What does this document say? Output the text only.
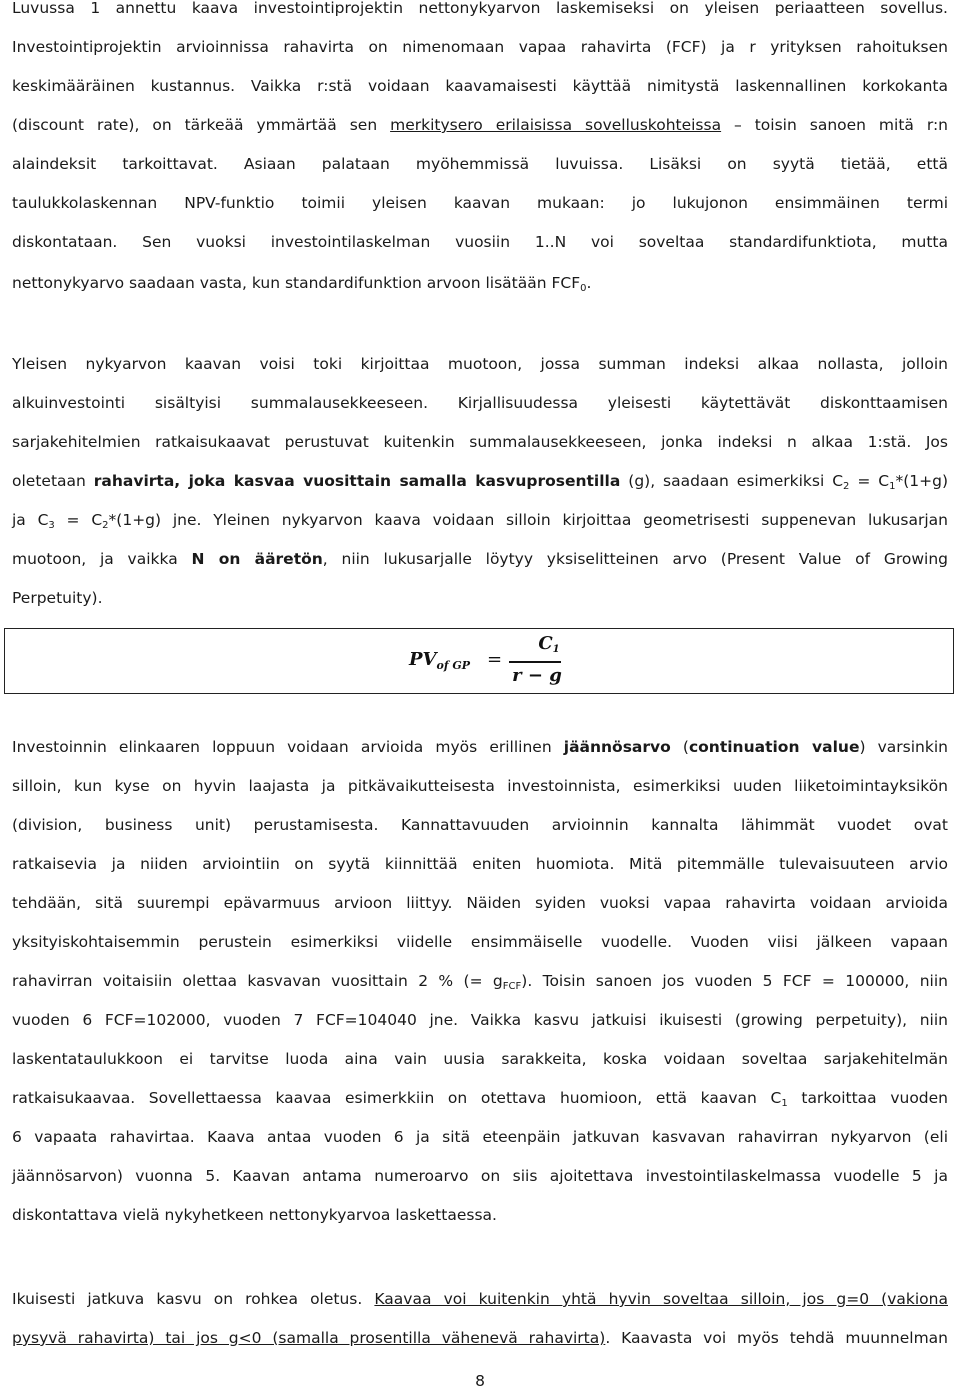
Luvussa 1 annettu kaava investointiprojektin nettonykyarvon laskemiseksi on yleisen periaatteen sovellus.
Investointiprojektin arvioinnissa rahavirta on nimenomaan vapaa rahavirta (FCF) ja r yrityksen rahoituksen
keskimääräinen kustannus. Vaikka r:stä voidaan kaavamaisesti käyttää nimitystä laskennallinen korkokanta
(discount rate), on tärkeää ymmärtää sen merkitysero erilaisissa sovelluskohteissa – toisin sanoen mitä r:n
alaindeksit tarkoittavat. Asiaan palataan myöhemmissä luvuissa. Lisäksi on syytä tietää, että
taulukkolaskennan NPV-funktio toimii yleisen kaavan mukaan: jo lukujonon ensimmäinen termi
diskontataan. Sen vuoksi investointilaskelman vuosiin 1..N voi soveltaa standardifunktiota, mutta
nettonykyarvo saadaan vasta, kun standardifunktion arvoon lisätään $FCF_0$.
Yleisen nykyarvon kaavan voisi toki kirjoittaa muotoon, jossa summan indeksi alkaa nollasta, jolloin
alkuinvestointi sisältyisi summalausekkeeseen. Kirjallisuudessa yleisesti käytettävät diskonttaamisen
sarjakehitelmien ratkaisukaavat perustuvat kuitenkin summalausekkeeseen, jonka indeksi n alkaa 1:stä. Jos
oletetaan rahavirta, joka kasvaa vuosittain samalla kasvuprosentilla (g), saadaan esimerkiksi $C_2 = C_1*(1+g)$
ja $C_3 = C_2*(1+g)$ jne. Yleinen nykyarvon kaava voidaan silloin kirjoittaa geometrisesti suppenevan lukusarjan
muotoon, ja vaikka N on ääretön, niin lukusarjalle löytyy yksiselitteinen arvo (Present Value of Growing
Perpetuity).
Investoinnin elinkaaren loppuun voidaan arvioida myös erillinen jäännösarvo (continuation value) varsinkin
silloin, kun kyse on hyvin laajasta ja pitkävaikutteisesta investoinnista, esimerkiksi uuden liiketoimintayksikön
(division, business unit) perustamisesta. Kannattavuuden arvioinnin kannalta lähimmät vuodet ovat
ratkaisevia ja niiden arviointiin on syytä kiinnittää eniten huomiota. Mitä pitemmälle tulevaisuuteen arvio
tehdään, sitä suurempi epävarmuus arvioon liittyy. Näiden syiden vuoksi vapaa rahavirta voidaan arvioida
yksityiskohtaisemmin perustein esimerkiksi viidelle ensimmäiselle vuodelle. Vuoden viisi jälkeen vapaan
rahavirran voitaisiin olettaa kasvavan vuosittain 2 % (= $g_{FCF}$). Toisin sanoen jos vuoden 5 FCF = 100000, niin
vuoden 6 FCF=102000, vuoden 7 FCF=104040 jne. Vaikka kasvu jatkuisi ikuisesti (growing perpetuity), niin
laskentataulukkoon ei tarvitse luoda aina vain uusia sarakkeita, koska voidaan soveltaa sarjakehitelmän
ratkaisukaavaa. Sovellettaessa kaavaa esimerkkiin on otettava huomioon, että kaavan $C_1$ tarkoittaa vuoden
6 vapaata rahavirtaa. Kaava antaa vuoden 6 ja sitä eteenpäin jatkuvan kasvavan rahavirran nykyarvon (eli
jäännösarvon) vuonna 5. Kaavan antama numeroarvo on siis ajoitettava investointilaskelmassa vuodelle 5 ja
diskontattava vielä nykyhetkeen nettonykyarvoa laskettaessa.
Ikuisesti jatkuva kasvu on rohkea oletus. Kaavaa voi kuitenkin yhtä hyvin soveltaa silloin, jos g=0 (vakiona
pysyvä rahavirta) tai jos g<0 (samalla prosentilla vähenevä rahavirta). Kaavasta voi myös tehdä muunnelman
$PV_{of GP}$ =
$C_1$
r − g
8
